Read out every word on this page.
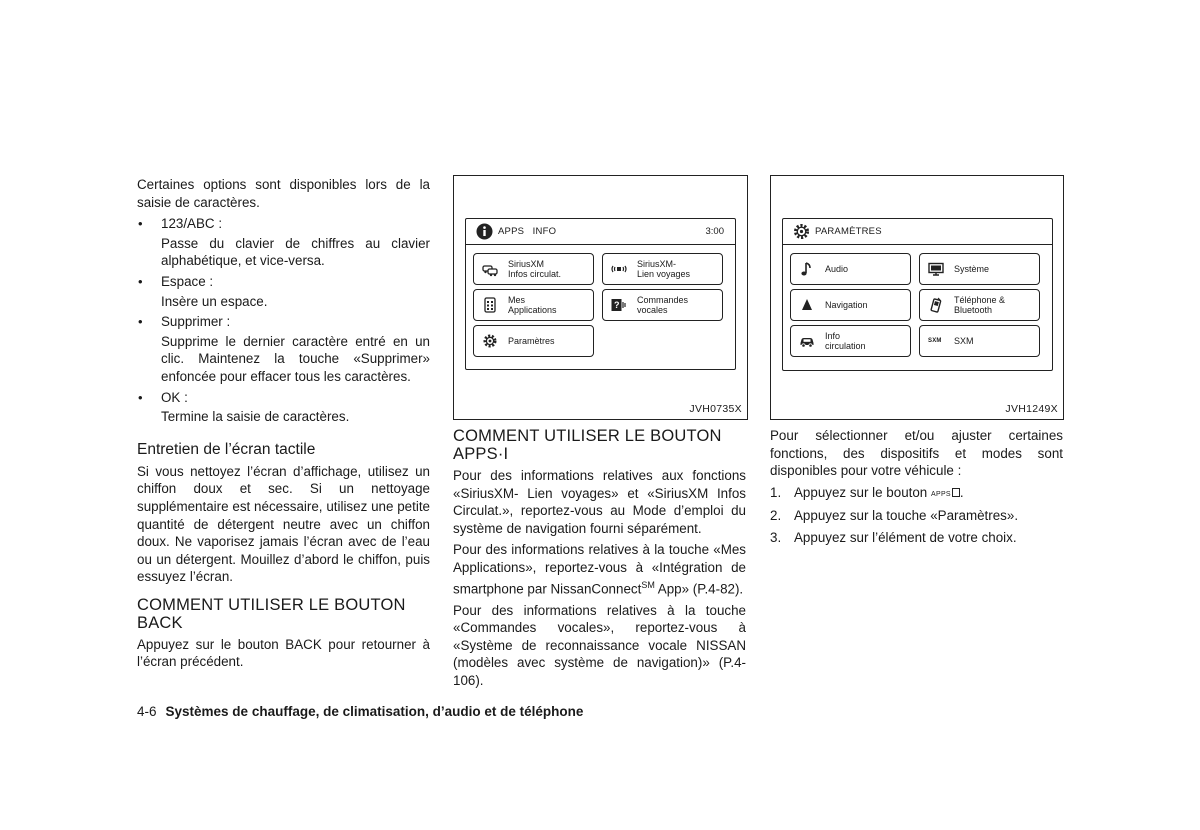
Certaines options sont disponibles lors de la saisie de caractères.

• 123/ABC :
Passe du clavier de chiffres au clavier alphabétique, et vice-versa.
• Espace :
Insère un espace.
• Supprimer :
Supprime le dernier caractère entré en un clic. Maintenez la touche «Supprimer» enfoncée pour effacer tous les caractères.
• OK :
Termine la saisie de caractères.
Entretien de l’écran tactile

Si vous nettoyez l’écran d’affichage, utilisez un chiffon doux et sec. Si un nettoyage supplémentaire est nécessaire, utilisez une petite quantité de détergent neutre avec un chiffon doux. Ne vaporisez jamais l’écran avec de l’eau ou un détergent. Mouillez d’abord le chiffon, puis essuyez l’écran.

COMMENT UTILISER LE BOUTON BACK

Appuyez sur le bouton BACK pour retourner à l’écran précédent.

APPS   INFO	3:00
SiriusXM
Infos circulat.
SiriusXM-
Lien voyages
Mes
Applications	? Commandes
vocales
Paramètres
JVH0735X
COMMENT UTILISER LE BOUTON APPS·I

Pour des informations relatives aux fonctions «SiriusXM- Lien voyages» et «SiriusXM Infos Circulat.», reportez-vous au Mode d’emploi du système de navigation fourni séparément.

Pour des informations relatives à la touche «Mes Applications», reportez-vous à «Intégration de smartphone par NissanConnect℠ App» (P.4-82).

Pour des informations relatives à la touche «Commandes vocales», reportez-vous à «Système de reconnaissance vocale NISSAN (modèles avec système de navigation)» (P.4-106).

PARAMÈTRES
Audio	Système
Navigation	Téléphone &
Bluetooth
Info
circulation	SXM SXM
JVH1249X

Pour sélectionner et/ou ajuster certaines fonctions, des dispositifs et modes sont disponibles pour votre véhicule :

1. Appuyez sur le bouton APPS .
2. Appuyez sur la touche «Paramètres».
3. Appuyez sur l’élément de votre choix.
4-6 Systèmes de chauffage, de climatisation, d’audio et de téléphone
